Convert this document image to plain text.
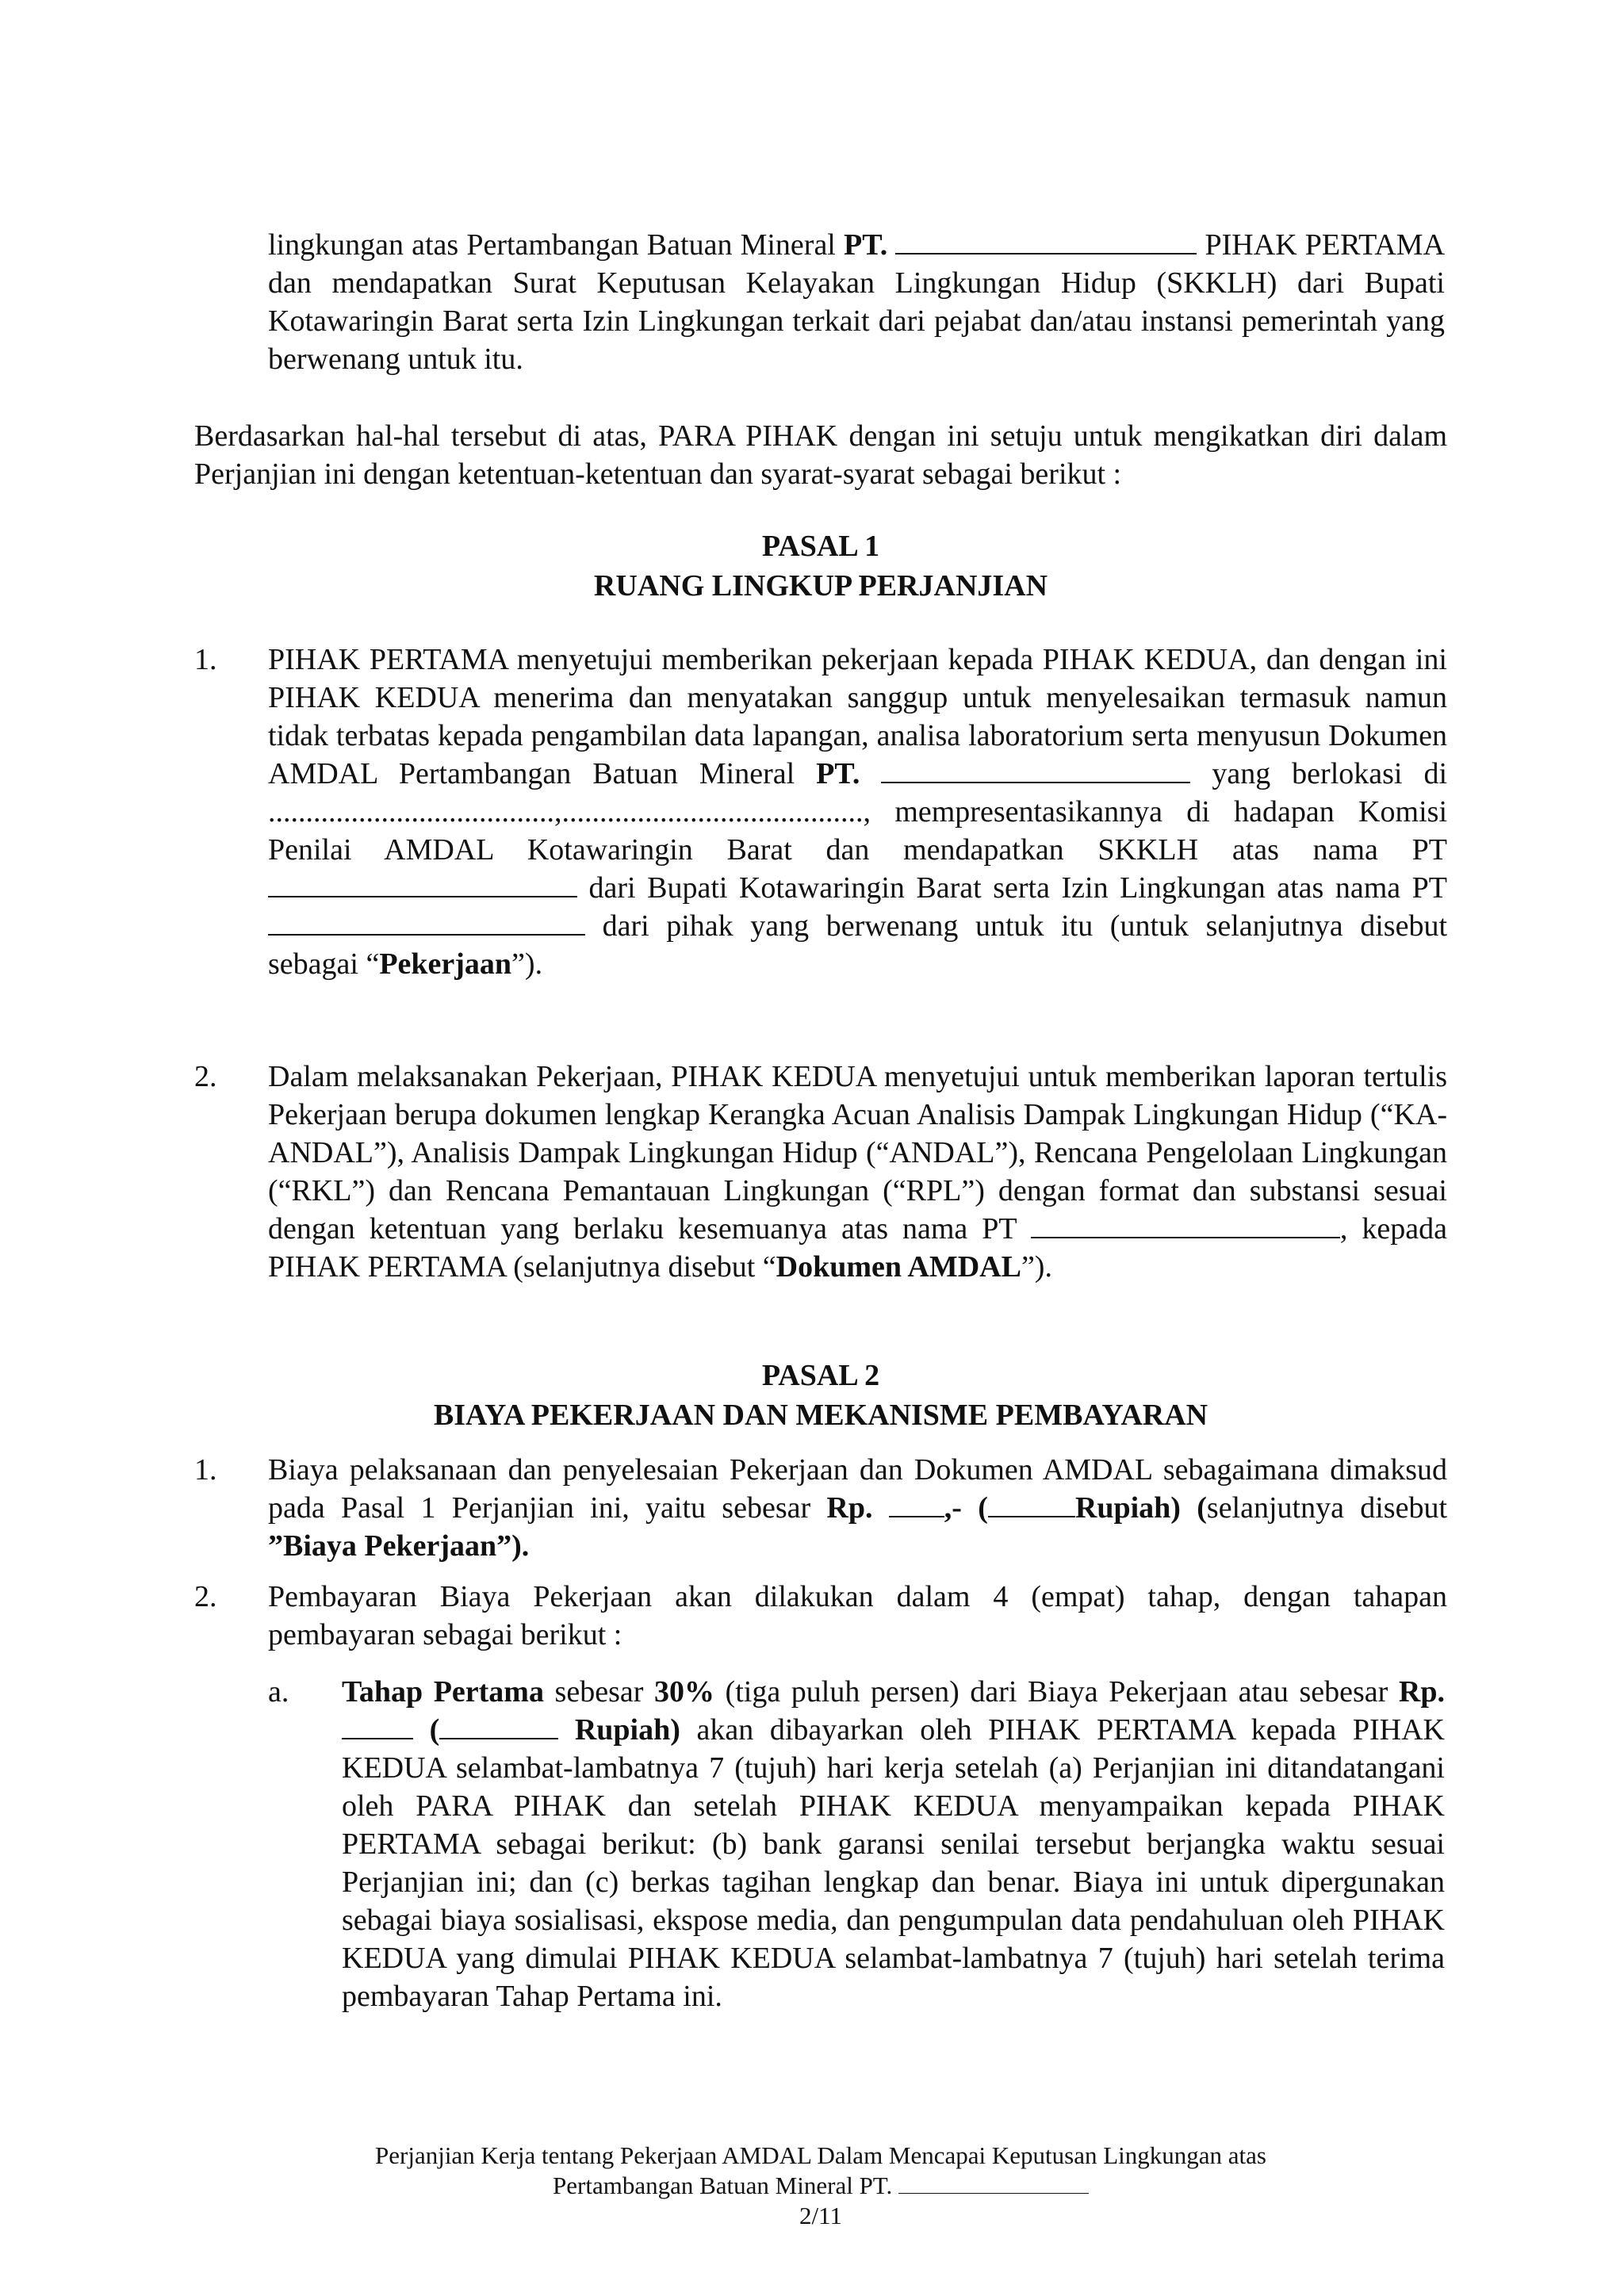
lingkungan atas Pertambangan Batuan Mineral PT.	PIHAK PERTAMA dan mendapatkan Surat Keputusan Kelayakan Lingkungan Hidup (SKKLH) dari Bupati Kotawaringin Barat serta Izin Lingkungan terkait dari pejabat dan/atau instansi pemerintah yang berwenang untuk itu.

Berdasarkan hal-hal tersebut di atas, PARA PIHAK dengan ini setuju untuk mengikatkan diri dalam Perjanjian ini dengan ketentuan-ketentuan dan syarat-syarat sebagai berikut :

PASAL 1
RUANG LINGKUP PERJANJIAN
1.	PIHAK PERTAMA menyetujui memberikan pekerjaan kepada PIHAK KEDUA, dan dengan ini PIHAK KEDUA menerima dan menyatakan sanggup untuk menyelesaikan termasuk namun tidak terbatas kepada pengambilan data lapangan, analisa laboratorium serta menyusun Dokumen AMDAL Pertambangan Batuan Mineral PT.	yang berlokasi di ......................................,........................................, mempresentasikannya di hadapan Komisi Penilai AMDAL Kotawaringin Barat dan mendapatkan SKKLH atas nama PT  dari Bupati Kotawaringin Barat serta Izin Lingkungan atas nama PT  dari pihak yang berwenang untuk itu (untuk selanjutnya disebut sebagai “Pekerjaan”).

2.	Dalam melaksanakan Pekerjaan, PIHAK KEDUA menyetujui untuk memberikan laporan tertulis Pekerjaan berupa dokumen lengkap Kerangka Acuan Analisis Dampak Lingkungan Hidup (“KA-ANDAL”), Analisis Dampak Lingkungan Hidup (“ANDAL”), Rencana Pengelolaan Lingkungan (“RKL”) dan Rencana Pemantauan Lingkungan (“RPL”) dengan format dan substansi sesuai dengan ketentuan yang berlaku kesemuanya atas nama PT	, kepada PIHAK PERTAMA (selanjutnya disebut “Dokumen AMDAL”).

PASAL 2
BIAYA PEKERJAAN DAN MEKANISME PEMBAYARAN
1.	Biaya pelaksanaan dan penyelesaian Pekerjaan dan Dokumen AMDAL sebagaimana dimaksud pada Pasal 1 Perjanjian ini, yaitu sebesar Rp. ,- (	Rupiah) (selanjutnya disebut ”Biaya Pekerjaan”).

2.	Pembayaran Biaya Pekerjaan akan dilakukan dalam 4 (empat) tahap, dengan tahapan pembayaran sebagai berikut :

a.	Tahap Pertama sebesar 30% (tiga puluh persen) dari Biaya Pekerjaan atau sebesar Rp.  (	Rupiah) akan dibayarkan oleh PIHAK PERTAMA kepada PIHAK KEDUA selambat-lambatnya 7 (tujuh) hari kerja setelah (a) Perjanjian ini ditandatangani oleh PARA PIHAK dan setelah PIHAK KEDUA menyampaikan kepada PIHAK PERTAMA sebagai berikut: (b) bank garansi senilai tersebut berjangka waktu sesuai Perjanjian ini; dan (c) berkas tagihan lengkap dan benar. Biaya ini untuk dipergunakan sebagai biaya sosialisasi, ekspose media, dan pengumpulan data pendahuluan oleh PIHAK KEDUA yang dimulai PIHAK KEDUA selambat-lambatnya 7 (tujuh) hari setelah terima pembayaran Tahap Pertama ini.

Perjanjian Kerja tentang Pekerjaan AMDAL Dalam Mencapai Keputusan Lingkungan atas
Pertambangan Batuan Mineral PT.
2/11
